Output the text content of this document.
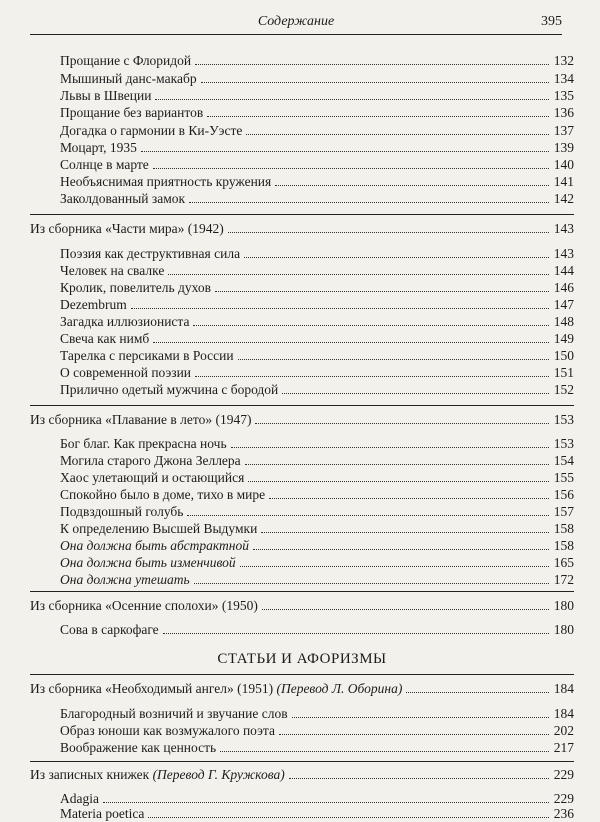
Содержание	395
Прощание с Флоридой	132
Мышиный данс-макабр	134
Львы в Швеции	135
Прощание без вариантов	136
Догадка о гармонии в Ки-Уэсте	137
Моцарт, 1935	139
Солнце в марте	140
Необъяснимая приятность кружения	141
Заколдованный замок	142
Из сборника «Части мира» (1942)	143
Поэзия как деструктивная сила	143
Человек на свалке	144
Кролик, повелитель духов	146
Dezembrum	147
Загадка иллюзиониста	148
Свеча как нимб	149
Тарелка с персиками в России	150
О современной поэзии	151
Прилично одетый мужчина с бородой	152
Из сборника «Плавание в лето» (1947)	153
Бог благ. Как прекрасна ночь	153
Могила старого Джона Зеллера	154
Хаос улетающий и остающийся	155
Спокойно было в доме, тихо в мире	156
Подвздошный голубь	157
К определению Высшей Выдумки	158
Она должна быть абстрактной	158
Она должна быть изменчивой	165
Она должна утешать	172
Из сборника «Осенние сполохи» (1950)	180
Сова в саркофаге	180
СТАТЬИ И АФОРИЗМЫ
Из сборника «Необходимый ангел» (1951) (Перевод Л. Оборина)	184
Благородный возничий и звучание слов	184
Образ юноши как возмужалого поэта	202
Воображение как ценность	217
Из записных книжек (Перевод Г. Кружкова)	229
Adagia	229
Materia poetica	236
